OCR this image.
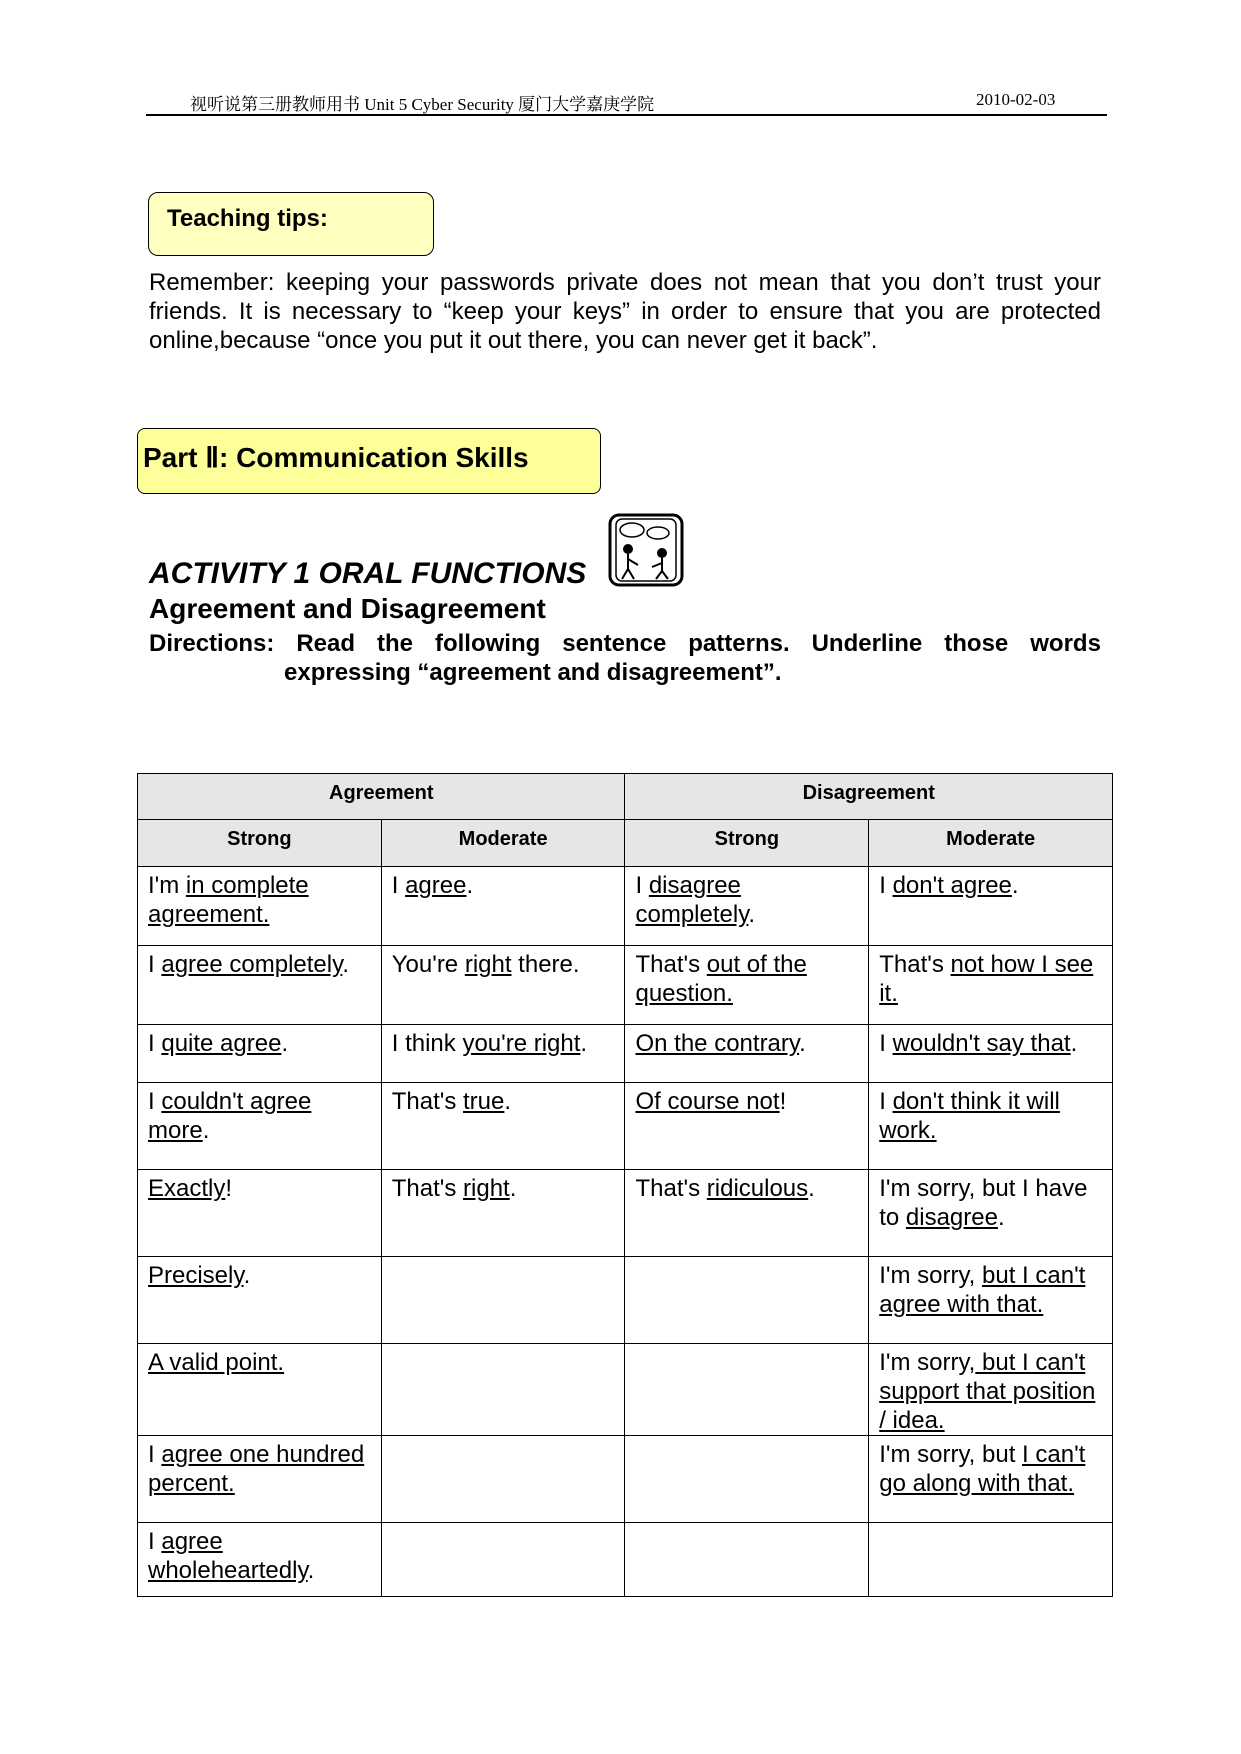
视听说第三册教师用书 Unit 5 Cyber Security 厦门大学嘉庚学院	2010-02-03
Teaching tips:
Remember: keeping your passwords private does not mean that you don’t trust your friends. It is necessary to “keep your keys” in order to ensure that you are protected online,because “once you put it out there, you can never get it back”.
Part Ⅱ: Communication Skills
ACTIVITY 1 ORAL FUNCTIONS
Agreement and Disagreement
Directions: Read the following sentence patterns. Underline those words
expressing “agreement and disagreement”.
Agreement		Disagreement	
Strong	Moderate	Strong	Moderate
I'm in complete agreement.	I agree.	I disagree completely.	I don't agree.
I agree completely.	You're right there.	That's out of the question.	That's not how I see it.
I quite agree.	I think you're right.	On the contrary.	I wouldn't say that.
I couldn't agree more.	That's true.	Of course not!	I don't think it will work.
Exactly!	That's right.	That's ridiculous.	I'm sorry, but I have to disagree.
Precisely.			I'm sorry, but I can't agree with that.
A valid point.			I'm sorry, but I can't support that position / idea.
I agree one hundred percent.			I'm sorry, but I can't go along with that.
I agree wholeheartedly.			
